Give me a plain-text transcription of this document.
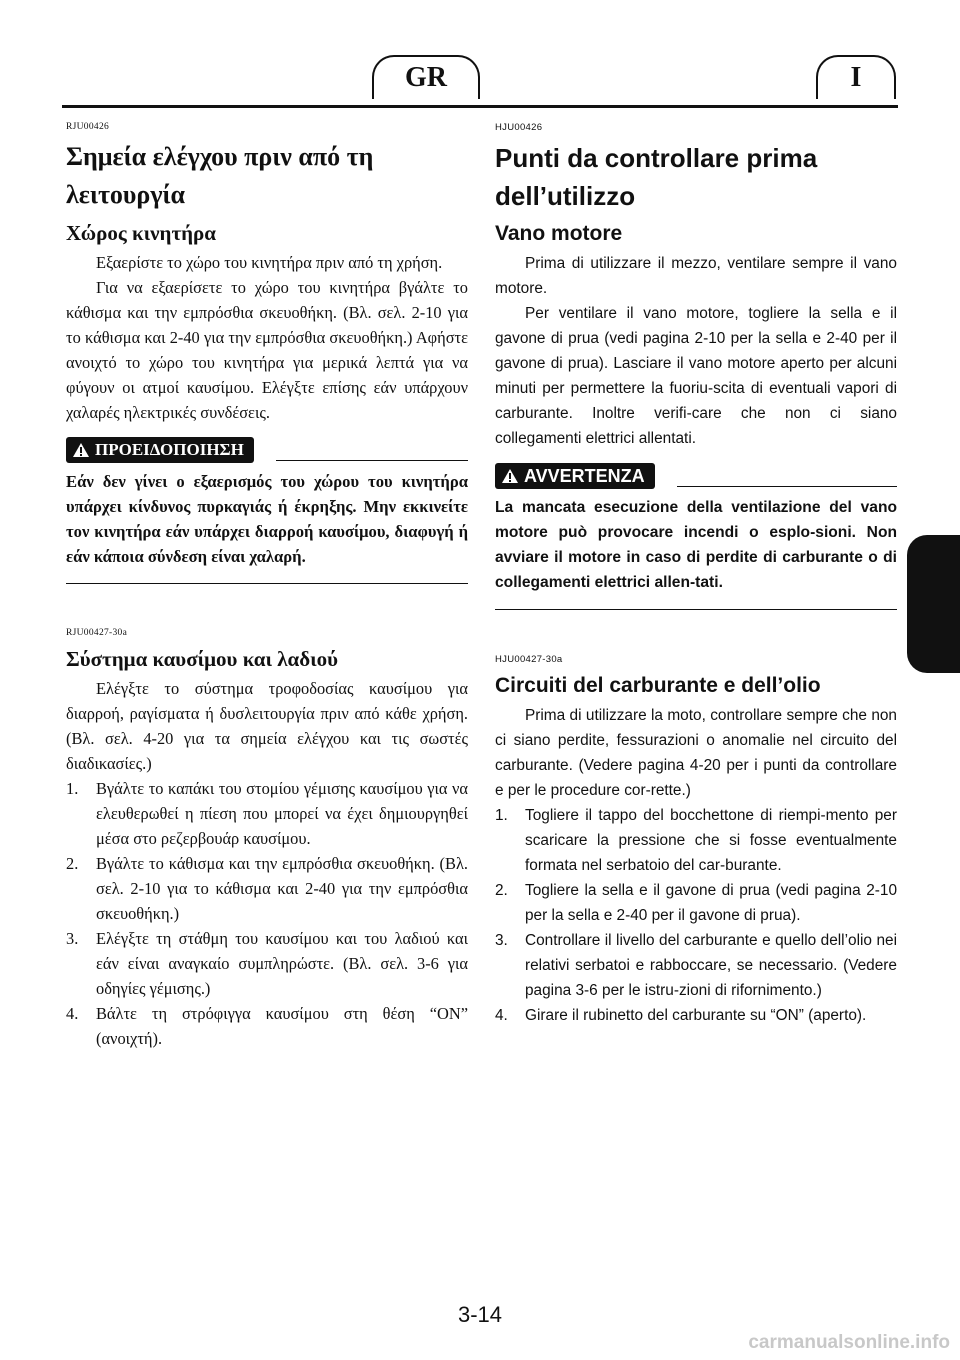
GR	I

RJU00426

Σημεία ελέγχου πριν από τη λειτουργία
Χώρος κινητήρα

Εξαερίστε το χώρο του κινητήρα πριν από τη χρήση.

Για να εξαερίσετε το χώρο του κινητήρα βγάλτε το κάθισμα και την εμπρόσθια σκευοθήκη. (Βλ. σελ. 2-10 για το κάθισμα και 2-40 για την εμπρόσθια σκευοθήκη.) Αφήστε ανοιχτό το χώρο του κινητήρα για μερικά λεπτά για να φύγουν οι ατμοί καυσίμου. Ελέγξτε επίσης εάν υπάρχουν χαλαρές ηλεκτρικές συνδέσεις.

ΠΡΟΕΙΔΟΠΟΙΗΣΗ

Εάν δεν γίνει ο εξαερισμός του χώρου του κινητήρα υπάρχει κίνδυνος πυρκαγιάς ή έκρηξης. Μην εκκινείτε τον κινητήρα εάν υπάρχει διαρροή καυσίμου, διαφυγή ή εάν κάποια σύνδεση είναι χαλαρή.

RJU00427-30a

Σύστημα καυσίμου και λαδιού

Ελέγξτε το σύστημα τροφοδοσίας καυσίμου για διαρροή, ραγίσματα ή δυσλειτουργία πριν από κάθε χρήση. (Βλ. σελ. 4-20 για τα σημεία ελέγχου και τις σωστές διαδικασίες.)

1.	Βγάλτε το καπάκι του στομίου γέμισης καυσίμου για να ελευθερωθεί η πίεση που μπορεί να έχει δημιουργηθεί μέσα στο ρεζερβουάρ καυσίμου.
2.	Βγάλτε το κάθισμα και την εμπρόσθια σκευοθήκη. (Βλ. σελ. 2-10 για το κάθισμα και 2-40 για την εμπρόσθια σκευοθήκη.)
3.	Ελέγξτε τη στάθμη του καυσίμου και του λαδιού και εάν είναι αναγκαίο συμπληρώστε. (Βλ. σελ. 3-6 για οδηγίες γέμισης.)
4.	Βάλτε τη στρόφιγγα καυσίμου στη θέση “ON” (ανοιχτή).

HJU00426

Punti da controllare prima dell’utilizzo
Vano motore

Prima di utilizzare il mezzo, ventilare sempre il vano motore.

Per ventilare il vano motore, togliere la sella e il gavone di prua (vedi pagina 2-10 per la sella e 2-40 per il gavone di prua). Lasciare il vano motore aperto per alcuni minuti per permettere la fuoriu-scita di eventuali vapori di carburante. Inoltre verifi-care che non ci siano collegamenti elettrici allentati.

AVVERTENZA

La mancata esecuzione della ventilazione del vano motore può provocare incendi o esplo-sioni. Non avviare il motore in caso di perdite di carburante o di collegamenti elettrici allen-tati.

HJU00427-30a

Circuiti del carburante e dell’olio

Prima di utilizzare la moto, controllare sempre che non ci siano perdite, fessurazioni o anomalie nel circuito del carburante. (Vedere pagina 4-20 per i punti da controllare e per le procedure cor-rette.)

1.	Togliere il tappo del bocchettone di riempi-mento per scaricare la pressione che si fosse eventualmente formata nel serbatoio del car-burante.
2.	Togliere la sella e il gavone di prua (vedi pagina 2-10 per la sella e 2-40 per il gavone di prua).
3.	Controllare il livello del carburante e quello dell’olio nei relativi serbatoi e rabboccare, se necessario. (Vedere pagina 3-6 per le istru-zioni di rifornimento.)
4.	Girare il rubinetto del carburante su “ON” (aperto).
3-14
carmanualsonline.info
